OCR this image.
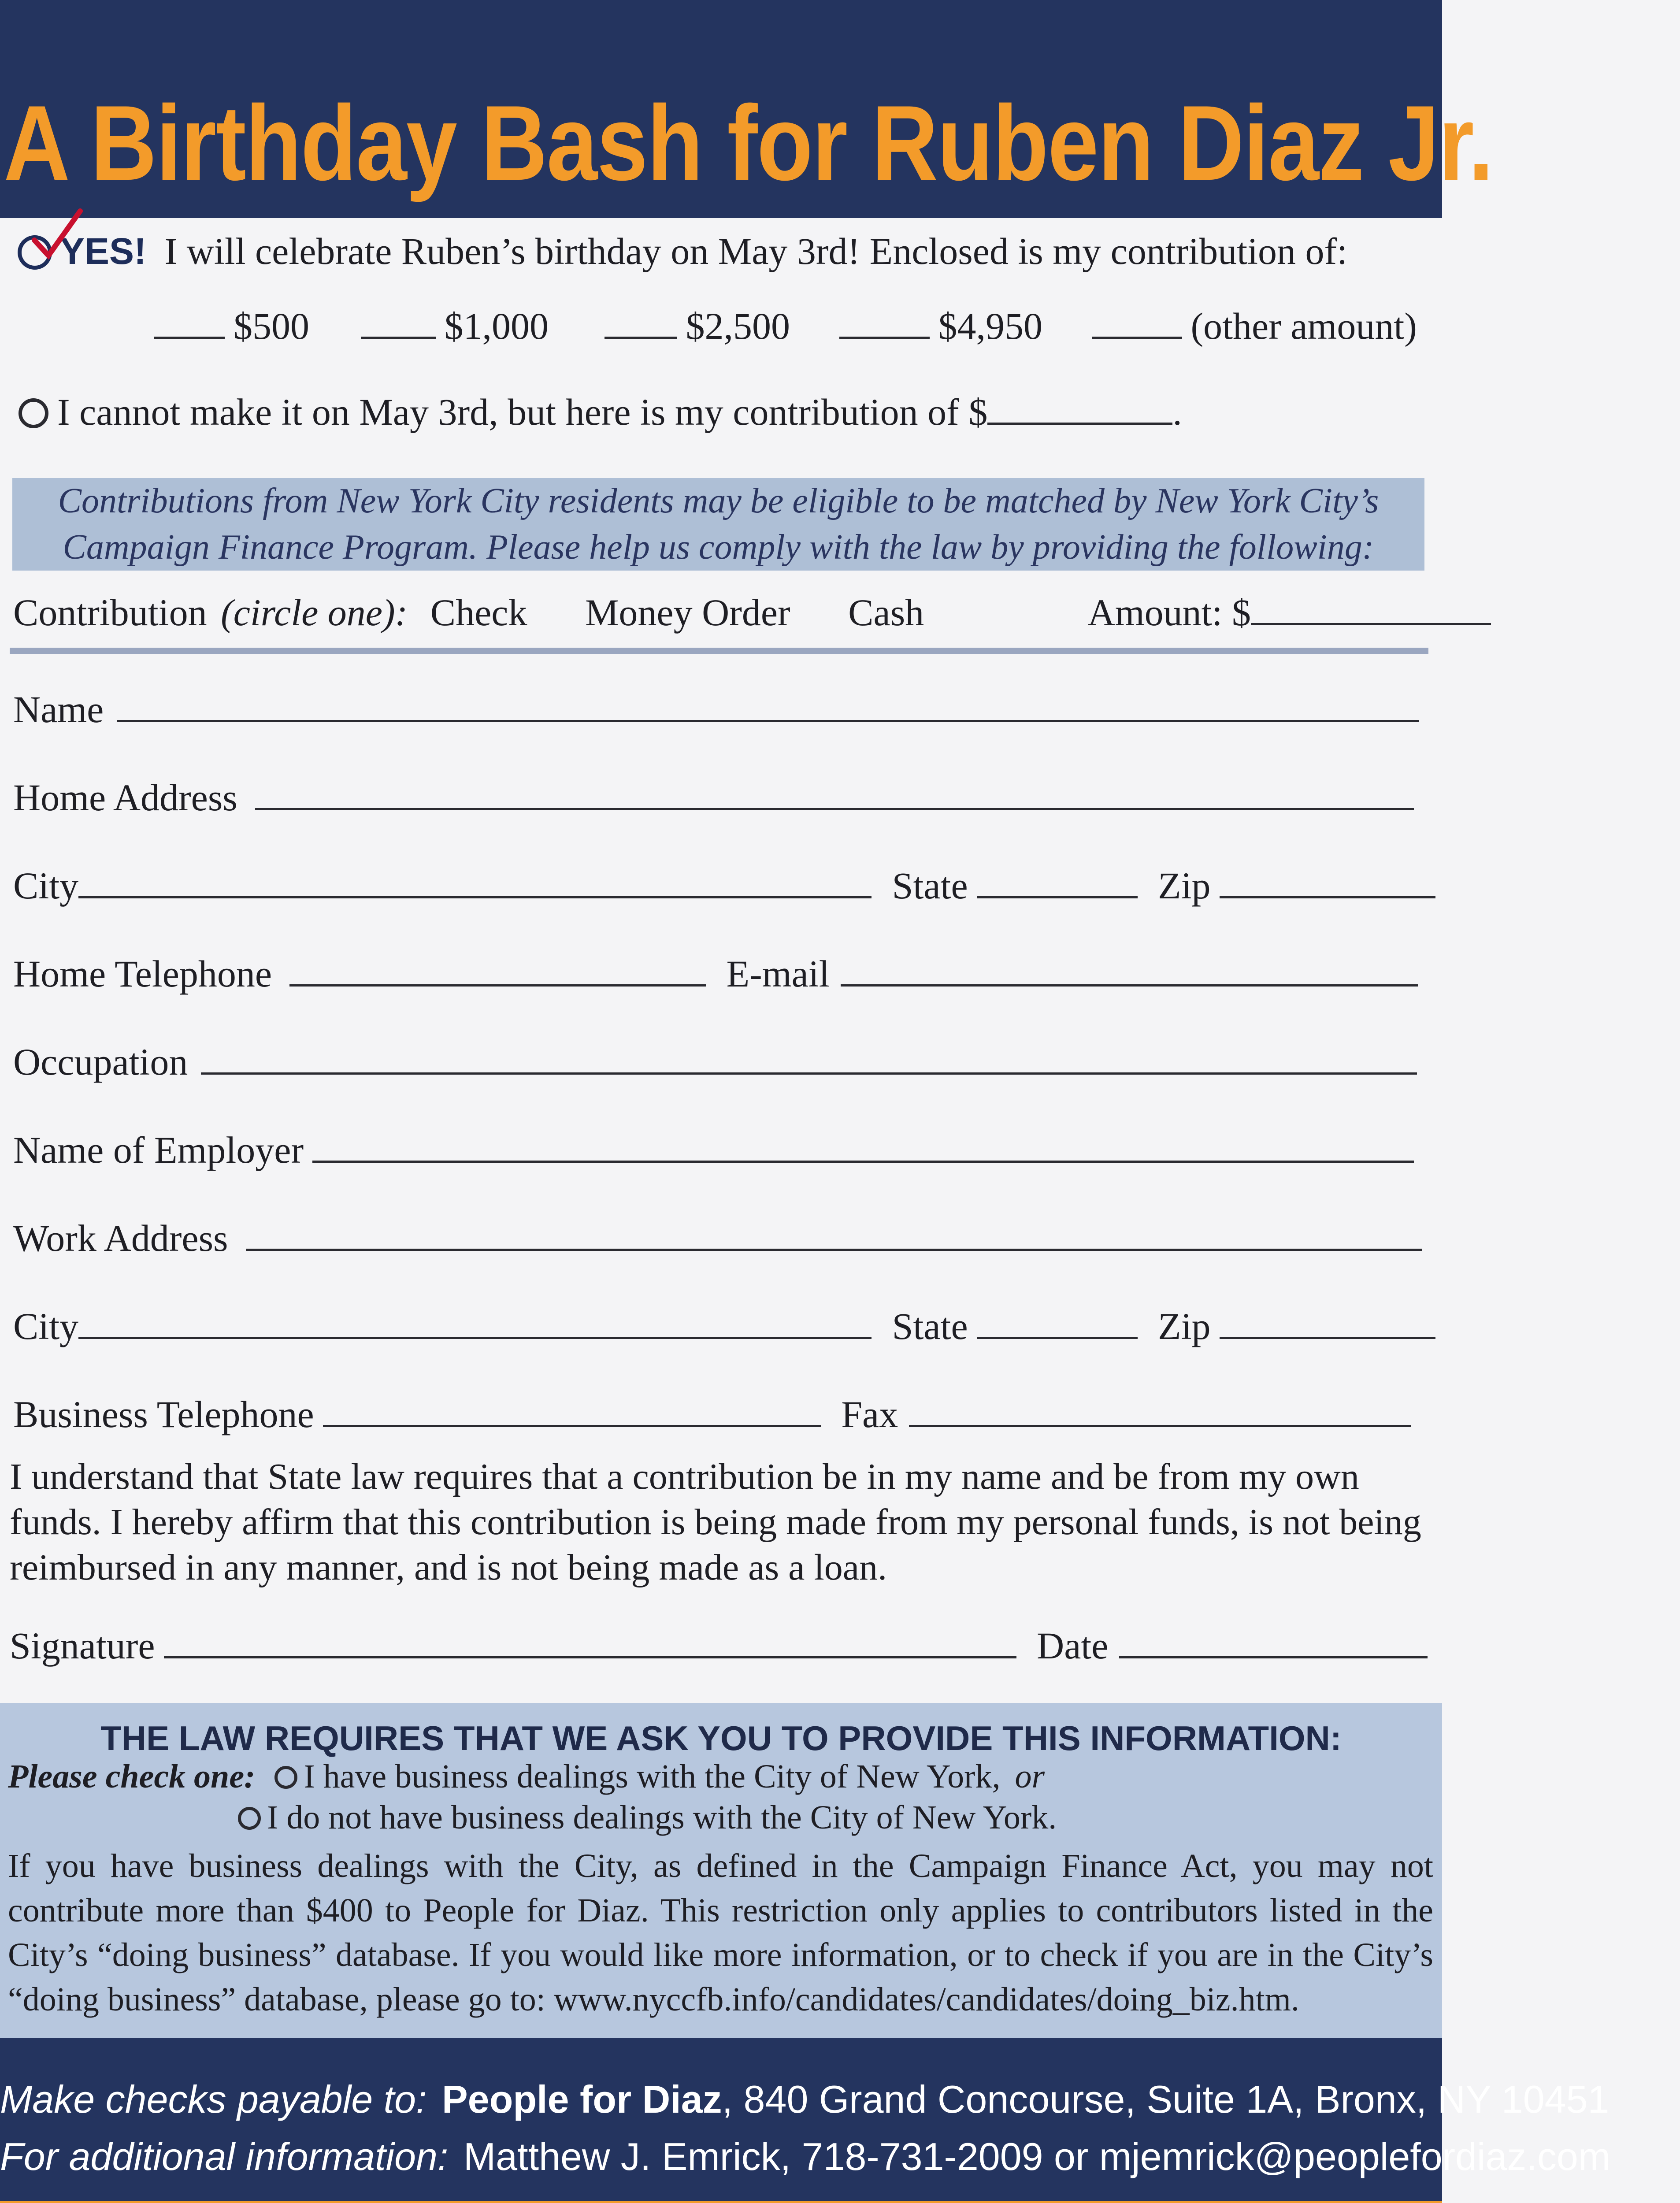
A Birthday Bash for Ruben Diaz Jr.
YES! I will celebrate Ruben’s birthday on May 3rd! Enclosed is my contribution of:
$500	$1,000	$2,500	$4,950	(other amount)
I cannot make it on May 3rd, but here is my contribution of $	.
Contributions from New York City residents may be eligible to be matched by New York City’s
Campaign Finance Program. Please help us comply with the law by providing the following:
Contribution (circle one): Check Money Order Cash	Amount: $
Name
Home Address
City	State	Zip
Home Telephone	E-mail
Occupation
Name of Employer
Work Address
City	State	Zip
Business Telephone	Fax
I understand that State law requires that a contribution be in my name and be from my own funds. I hereby affirm that this contribution is being made from my personal funds, is not being reimbursed in any manner, and is not being made as a loan.
Signature	Date
THE LAW REQUIRES THAT WE ASK YOU TO PROVIDE THIS INFORMATION:
Please check one: I have business dealings with the City of New York, or
I do not have business dealings with the City of New York.
If you have business dealings with the City, as defined in the Campaign Finance Act, you may not contribute more than $400 to People for Diaz. This restriction only applies to contributors listed in the City’s “doing business” database. If you would like more information, or to check if you are in the City’s “doing business” database, please go to: www.nyccfb.info/candidates/candidates/doing_biz.htm.
Make checks payable to: People for Diaz, 840 Grand Concourse, Suite 1A, Bronx, NY 10451
For additional information: Matthew J. Emrick, 718-731-2009 or mjemrick@peoplefordiaz.com
